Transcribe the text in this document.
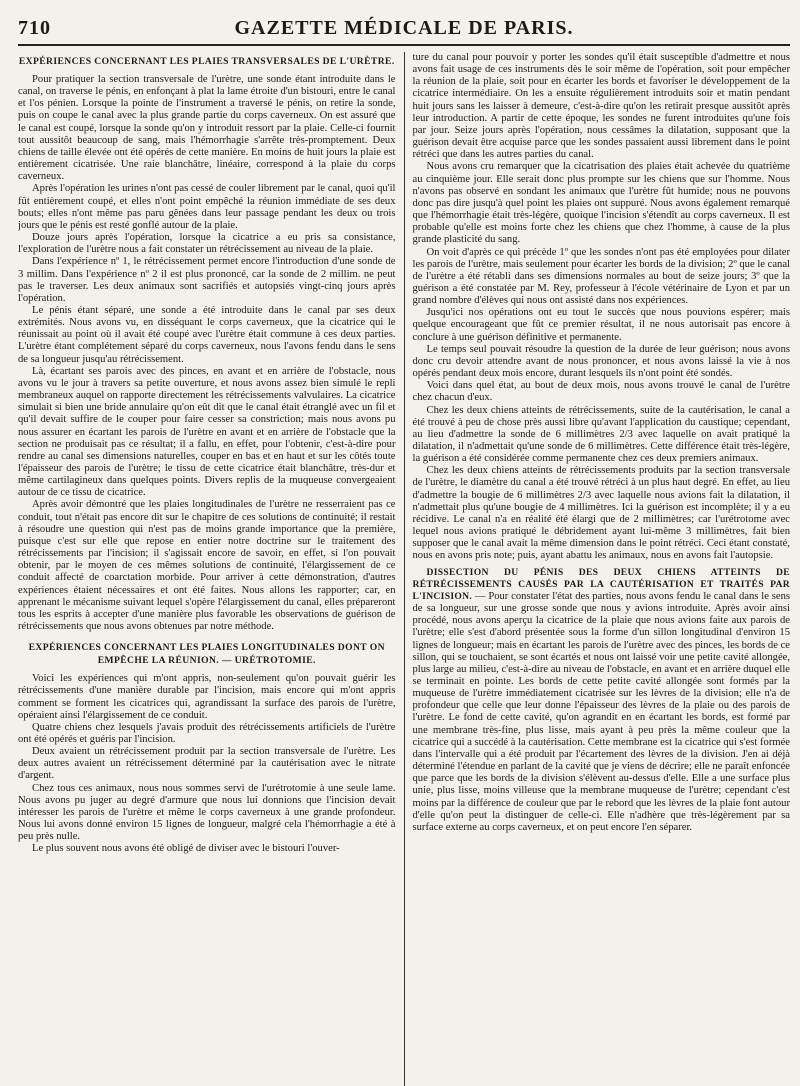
710	GAZETTE MÉDICALE DE PARIS.
EXPÉRIENCES CONCERNANT LES PLAIES TRANSVERSALES DE L'URÈTRE.

Pour pratiquer la section transversale de l'urètre, une sonde étant introduite dans le canal, on traverse le pénis, en enfonçant à plat la lame étroite d'un bistouri, entre le canal et l'os pénien. Lorsque la pointe de l'instrument a traversé le pénis, on retire la sonde, puis on coupe le canal avec la plus grande partie du corps caverneux. On est assuré que le canal est coupé, lorsque la sonde qu'on y introduit ressort par la plaie. Celle-ci fournit tout aussitôt beaucoup de sang, mais l'hémorrhagie s'arrête très-promptement. Deux chiens de taille élevée ont été opérés de cette manière. En moins de huit jours la plaie est entièrement cicatrisée. Une raie blanchâtre, linéaire, correspond à la plaie du corps caverneux.

Après l'opération les urines n'ont pas cessé de couler librement par le canal, quoi qu'il fût entièrement coupé, et elles n'ont point empêché la réunion immédiate de ses deux bouts; elles n'ont même pas paru gênées dans leur passage pendant les deux ou trois jours que le pénis est resté gonflé autour de la plaie.

Douze jours après l'opération, lorsque la cicatrice a eu pris sa consistance, l'exploration de l'urètre nous a fait constater un rétrécissement au niveau de la plaie.

Dans l'expérience nº 1, le rétrécissement permet encore l'introduction d'une sonde de 3 millim. Dans l'expérience nº 2 il est plus prononcé, car la sonde de 2 millim. ne peut pas le traverser. Les deux animaux sont sacrifiés et autopsiés vingt-cinq jours après l'opération.

Le pénis étant séparé, une sonde a été introduite dans le canal par ses deux extrémités. Nous avons vu, en disséquant le corps caverneux, que la cicatrice qui le réunissait au point où il avait été coupé avec l'urètre était commune à ces deux parties. L'urètre étant complétement séparé du corps caverneux, nous l'avons fendu dans le sens de sa longueur jusqu'au rétrécissement.

Là, écartant ses parois avec des pinces, en avant et en arrière de l'obstacle, nous avons vu le jour à travers sa petite ouverture, et nous avons assez bien simulé le repli membraneux auquel on rapporte directement les rétrécissements valvulaires. La cicatrice simulait si bien une bride annulaire qu'on eût dit que le canal était étranglé avec un fil et qu'il devait suffire de le couper pour faire cesser sa constriction; mais nous avons pu nous assurer en écartant les parois de l'urètre en avant et en arrière de l'obstacle que la section ne produisait pas ce résultat; il a fallu, en effet, pour l'obtenir, c'est-à-dire pour rendre au canal ses dimensions naturelles, couper en bas et en haut et sur les côtés toute l'épaisseur des parois de l'urètre; le tissu de cette cicatrice était blanchâtre, très-dur et même cartilagineux dans quelques points. Divers replis de la muqueuse convergeaient autour de ce tissu de cicatrice.

Après avoir démontré que les plaies longitudinales de l'urètre ne resserraient pas ce conduit, tout n'était pas encore dit sur le chapitre de ces solutions de continuité; il restait à résoudre une question qui n'est pas de moins grande importance que la première, puisque c'est sur elle que repose en entier notre doctrine sur le traitement des rétrécissements par l'incision; il s'agissait encore de savoir, en effet, si l'on pouvait obtenir, par le moyen de ces mêmes solutions de continuité, l'élargissement de ce conduit affecté de coarctation morbide. Pour arriver à cette démonstration, d'autres expériences étaient nécessaires et ont été faites. Nous allons les rapporter; car, en apprenant le mécanisme suivant lequel s'opère l'élargissement du canal, elles prépareront tous les esprits à accepter d'une manière plus favorable les observations de guérison de rétrécissements que nous avons obtenues par notre méthode.

EXPÉRIENCES CONCERNANT LES PLAIES LONGITUDINALES DONT ON EMPÊCHE LA RÉUNION. — URÉTROTOMIE.

Voici les expériences qui m'ont appris, non-seulement qu'on pouvait guérir les rétrécissements d'une manière durable par l'incision, mais encore qui m'ont appris comment se forment les cicatrices qui, agrandissant la surface des parois de l'urètre, opéraient ainsi l'élargissement de ce conduit.

Quatre chiens chez lesquels j'avais produit des rétrécissements artificiels de l'urètre ont été opérés et guéris par l'incision.

Deux avaient un rétrécissement produit par la section transversale de l'urètre. Les deux autres avaient un rétrécissement déterminé par la cautérisation avec le nitrate d'argent.

Chez tous ces animaux, nous nous sommes servi de l'urétrotomie à une seule lame. Nous avons pu juger au degré d'armure que nous lui donnions que l'incision devait intéresser les parois de l'urètre et même le corps caverneux à une grande profondeur. Nous lui avons donné environ 15 lignes de longueur, malgré cela l'hémorrhagie a été à peu près nulle.

Le plus souvent nous avons été obligé de diviser avec le bistouri l'ouver-

ture du canal pour pouvoir y porter les sondes qu'il était susceptible d'admettre et nous avons fait usage de ces instruments dès le soir même de l'opération, soit pour empêcher la réunion de la plaie, soit pour en écarter les bords et favoriser le développement de la cicatrice intermédiaire. On les a ensuite régulièrement introduits soir et matin pendant huit jours sans les laisser à demeure, c'est-à-dire qu'on les retirait presque aussitôt après leur introduction. A partir de cette époque, les sondes ne furent introduites qu'une fois par jour. Seize jours après l'opération, nous cessâmes la dilatation, supposant que la guérison devait être acquise parce que les sondes passaient aussi librement dans le point rétréci que dans les autres parties du canal.

Nous avons cru remarquer que la cicatrisation des plaies était achevée du quatrième au cinquième jour. Elle serait donc plus prompte sur les chiens que sur l'homme. Nous n'avons pas observé en sondant les animaux que l'urètre fût humide; nous ne pouvons donc pas dire jusqu'à quel point les plaies ont suppuré. Nous avons également remarqué que l'hémorrhagie était très-légère, quoique l'incision s'étendît au corps caverneux. Il est probable qu'elle est moins forte chez les chiens que chez l'homme, à cause de la plus grande plasticité du sang.

On voit d'après ce qui précède 1º que les sondes n'ont pas été employées pour dilater les parois de l'urètre, mais seulement pour écarter les bords de la division; 2º que le canal de l'urètre a été rétabli dans ses dimensions normales au bout de seize jours; 3º que la guérison a été constatée par M. Rey, professeur à l'école vétérinaire de Lyon et par un grand nombre d'élèves qui nous ont assisté dans nos expériences.

Jusqu'ici nos opérations ont eu tout le succès que nous pouvions espérer; mais quelque encourageant que fût ce premier résultat, il ne nous autorisait pas encore à conclure à une guérison définitive et permanente.

Le temps seul pouvait résoudre la question de la durée de leur guérison; nous avons donc cru devoir attendre avant de nous prononcer, et nous avons laissé la vie à nos opérés pendant deux mois encore, durant lesquels ils n'ont point été sondés.

Voici dans quel état, au bout de deux mois, nous avons trouvé le canal de l'urètre chez chacun d'eux.

Chez les deux chiens atteints de rétrécissements, suite de la cautérisation, le canal a été trouvé à peu de chose près aussi libre qu'avant l'application du caustique; cependant, au lieu d'admettre la sonde de 6 millimètres 2/3 avec laquelle on avait pratiqué la dilatation, il n'admettait qu'une sonde de 6 millimètres. Cette différence était très-légère, la guérison a été considérée comme permanente chez ces deux premiers animaux.

Chez les deux chiens atteints de rétrécissements produits par la section transversale de l'urètre, le diamètre du canal a été trouvé rétréci à un plus haut degré. En effet, au lieu d'admettre la bougie de 6 millimètres 2/3 avec laquelle nous avions fait la dilatation, il n'admettait plus qu'une bougie de 4 millimètres. Ici la guérison est incomplète; il y a eu récidive. Le canal n'a en réalité été élargi que de 2 millimètres; car l'urétrotome avec lequel nous avions pratiqué le débridement ayant lui-même 3 millimètres, fait bien supposer que le canal avait la même dimension dans le point rétréci. Ceci étant constaté, nous en avons pris note; puis, ayant abattu les animaux, nous en avons fait l'autopsie.

DISSECTION DU PÉNIS DES DEUX CHIENS ATTEINTS DE RÉTRÉCISSEMENTS CAUSÉS PAR LA CAUTÉRISATION ET TRAITÉS PAR L'INCISION. — Pour constater l'état des parties, nous avons fendu le canal dans le sens de sa longueur, sur une grosse sonde que nous y avions introduite. Après avoir ainsi procédé, nous avons aperçu la cicatrice de la plaie que nous avions faite aux parois de l'urètre; elle s'est d'abord présentée sous la forme d'un sillon longitudinal d'environ 15 lignes de longueur; mais en écartant les parois de l'urètre avec des pinces, les bords de ce sillon, qui se touchaient, se sont écartés et nous ont laissé voir une petite cavité allongée, plus large au milieu, c'est-à-dire au niveau de l'obstacle, en avant et en arrière duquel elle se terminait en pointe. Les bords de cette petite cavité allongée sont formés par la muqueuse de l'urètre immédiatement cicatrisée sur les lèvres de la division; elle n'a de profondeur que celle que leur donne l'épaisseur des lèvres de la plaie ou des parois de l'urètre. Le fond de cette cavité, qu'on agrandit en en écartant les bords, est formé par une membrane très-fine, plus lisse, mais ayant à peu près la même couleur que la cicatrice qui a succédé à la cautérisation. Cette membrane est la cicatrice qui s'est formée dans l'intervalle qui a été produit par l'écartement des lèvres de la division. J'en ai déjà déterminé l'étendue en parlant de la cavité que je viens de décrire; elle ne paraît enfoncée que parce que les bords de la division s'élèvent au-dessus d'elle. Elle a une surface plus unie, plus lisse, moins villeuse que la membrane muqueuse de l'urètre; cependant c'est moins par la différence de couleur que par le rebord que les lèvres de la plaie font autour d'elle qu'on peut la distinguer de celle-ci. Elle n'adhère que très-légèrement par sa surface externe au corps caverneux, et on peut encore l'en séparer.
